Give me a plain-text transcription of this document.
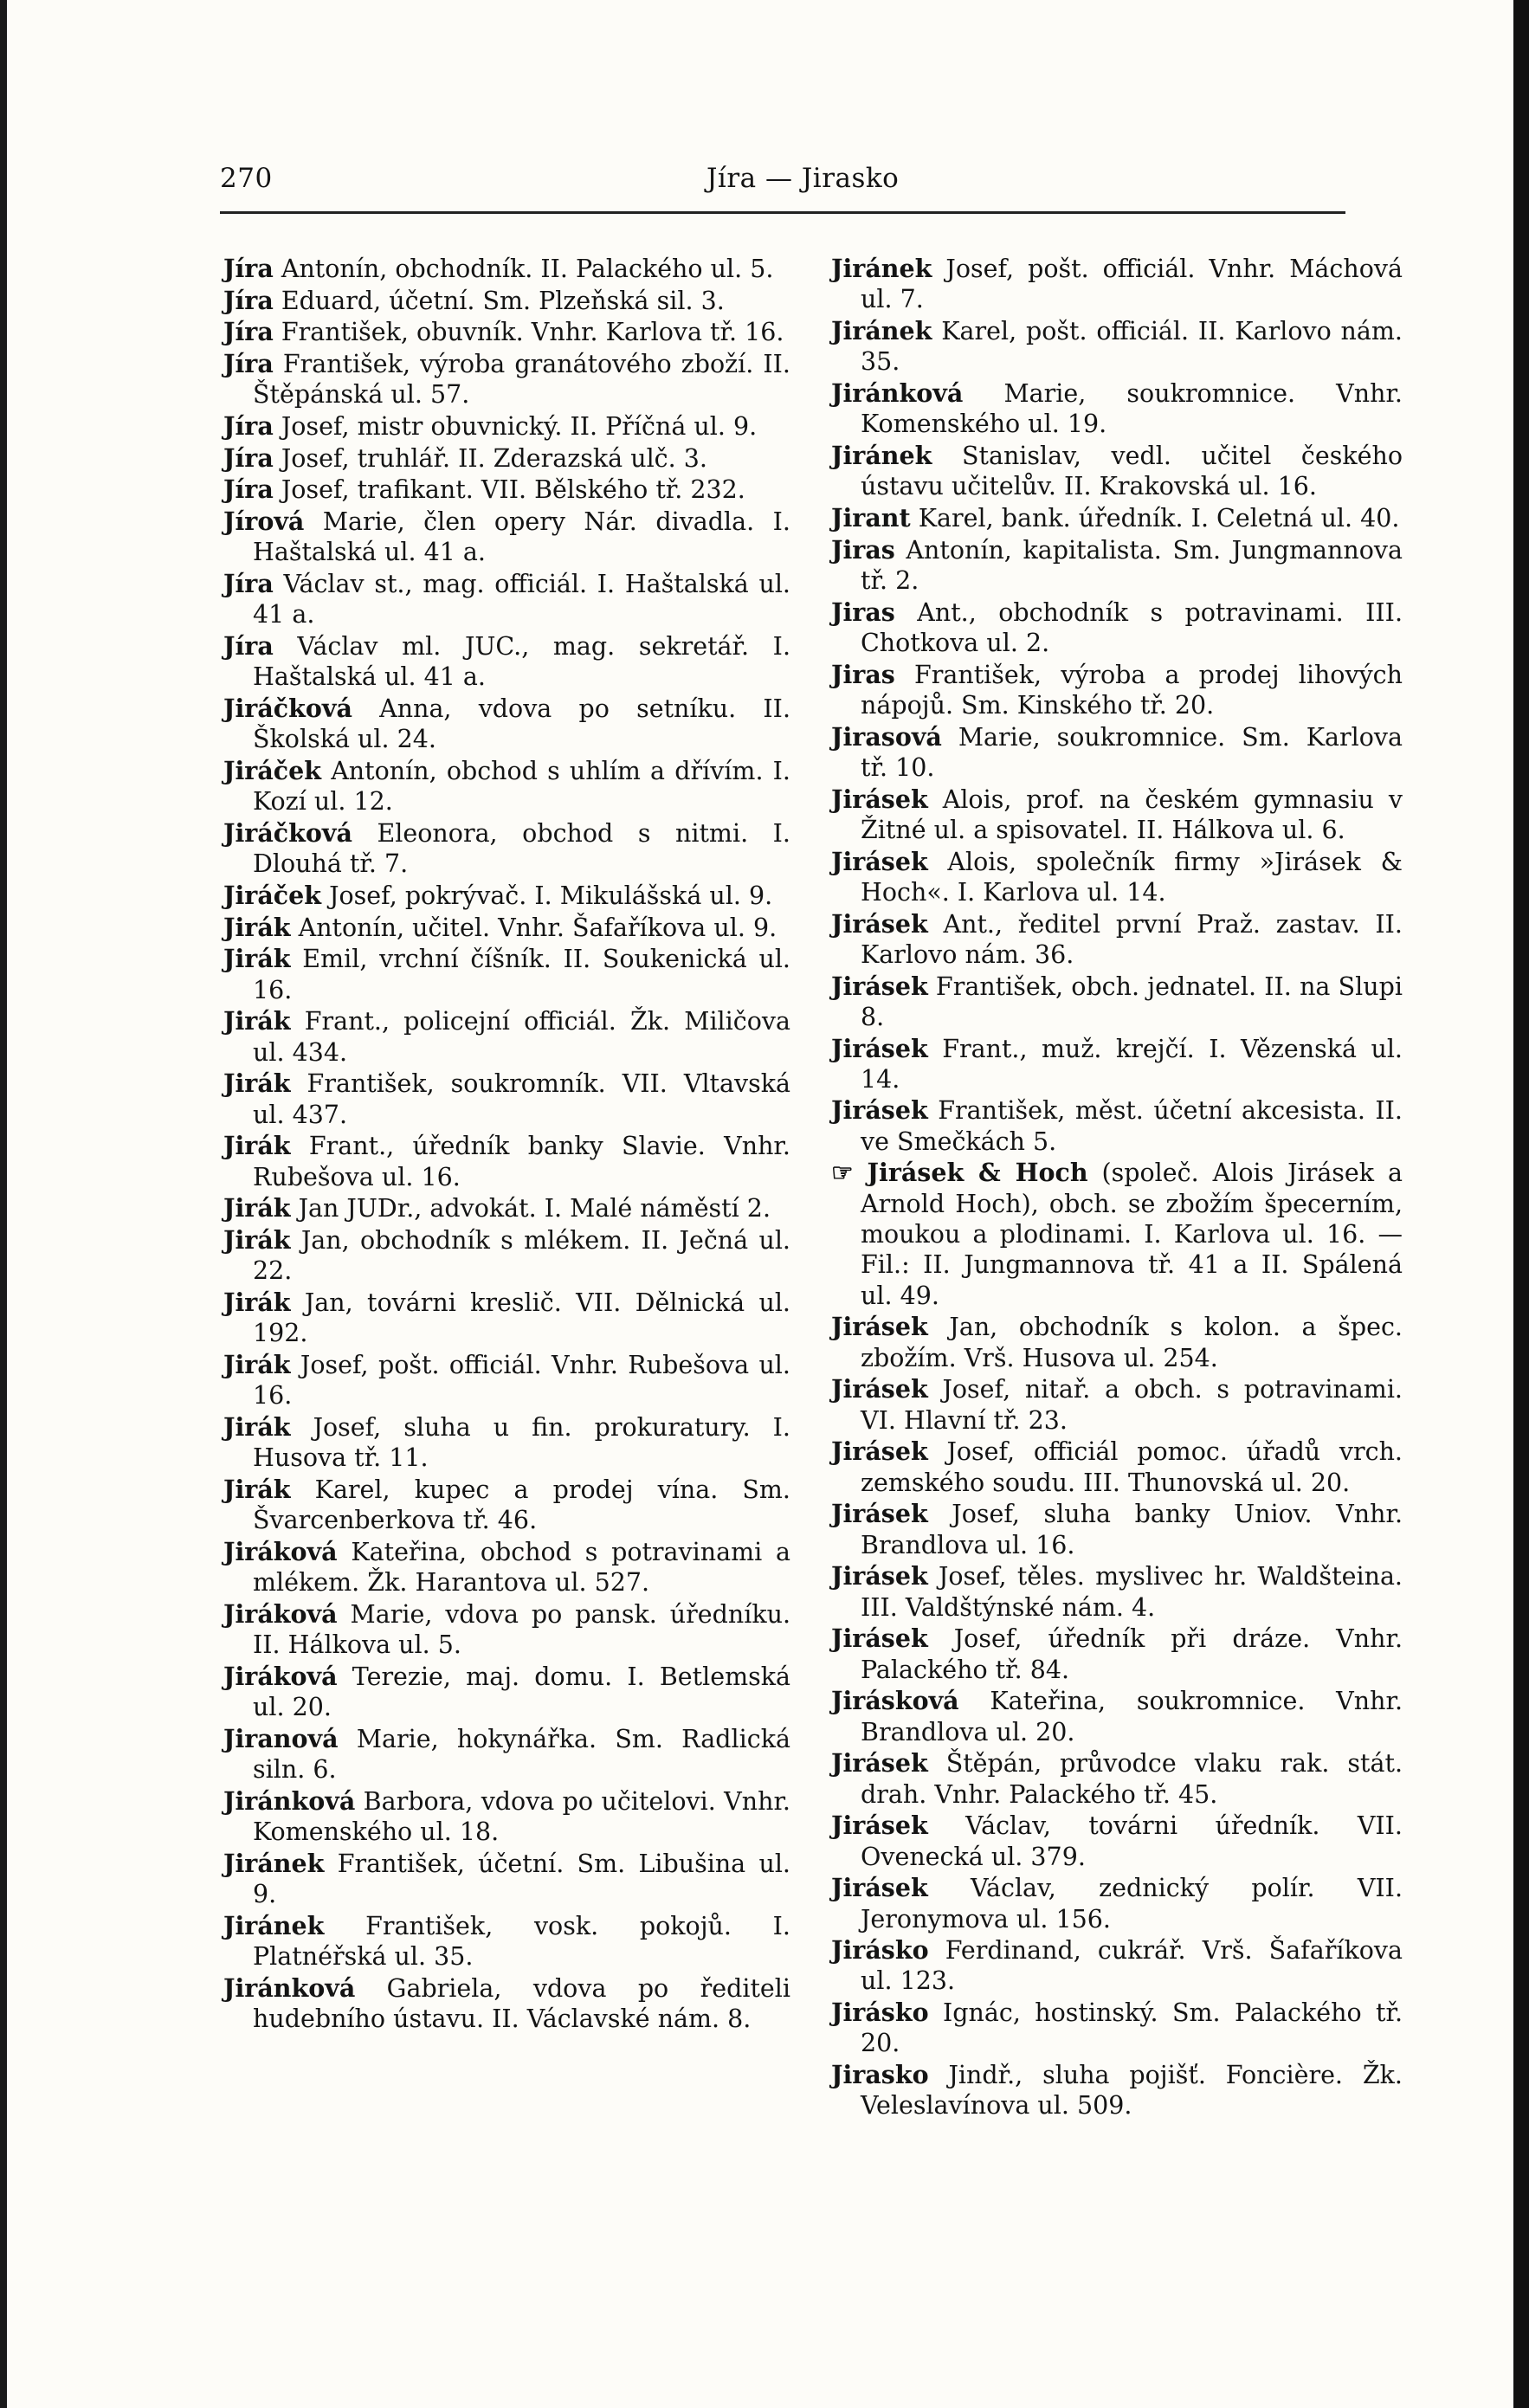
270	Jíra — Jirasko
Jíra Antonín, obchodník. II. Palackého ul. 5.
Jíra Eduard, účetní. Sm. Plzeňská sil. 3.
Jíra František, obuvník. Vnhr. Karlova tř. 16.
Jíra František, výroba granátového zboží. II. Štěpánská ul. 57.
Jíra Josef, mistr obuvnický. II. Příčná ul. 9.
Jíra Josef, truhlář. II. Zderazská ulč. 3.
Jíra Josef, trafikant. VII. Bělského tř. 232.
Jírová Marie, člen opery Nár. divadla. I. Haštalská ul. 41 a.
Jíra Václav st., mag. officiál. I. Haštalská ul. 41 a.
Jíra Václav ml. JUC., mag. sekretář. I. Haštalská ul. 41 a.
Jiráčková Anna, vdova po setníku. II. Školská ul. 24.
Jiráček Antonín, obchod s uhlím a dřívím. I. Kozí ul. 12.
Jiráčková Eleonora, obchod s nitmi. I. Dlouhá tř. 7.
Jiráček Josef, pokrývač. I. Mikulášská ul. 9.
Jirák Antonín, učitel. Vnhr. Šafaříkova ul. 9.
Jirák Emil, vrchní číšník. II. Soukenická ul. 16.
Jirák Frant., policejní officiál. Žk. Miličova ul. 434.
Jirák František, soukromník. VII. Vltavská ul. 437.
Jirák Frant., úředník banky Slavie. Vnhr. Rubešova ul. 16.
Jirák Jan JUDr., advokát. I. Malé náměstí 2.
Jirák Jan, obchodník s mlékem. II. Ječná ul. 22.
Jirák Jan, továrni kreslič. VII. Dělnická ul. 192.
Jirák Josef, pošt. officiál. Vnhr. Rubešova ul. 16.
Jirák Josef, sluha u fin. prokuratury. I. Husova tř. 11.
Jirák Karel, kupec a prodej vína. Sm. Švarcenberkova tř. 46.
Jiráková Kateřina, obchod s potravinami a mlékem. Žk. Harantova ul. 527.
Jiráková Marie, vdova po pansk. úředníku. II. Hálkova ul. 5.
Jiráková Terezie, maj. domu. I. Betlemská ul. 20.
Jiranová Marie, hokynářka. Sm. Radlická siln. 6.
Jiránková Barbora, vdova po učitelovi. Vnhr. Komenského ul. 18.
Jiránek František, účetní. Sm. Libušina ul. 9.
Jiránek František, vosk. pokojů. I. Platnéřská ul. 35.
Jiránková Gabriela, vdova po řediteli hudebního ústavu. II. Václavské nám. 8.
Jiránek Josef, pošt. officiál. Vnhr. Máchová ul. 7.
Jiránek Karel, pošt. officiál. II. Karlovo nám. 35.
Jiránková Marie, soukromnice. Vnhr. Komenského ul. 19.
Jiránek Stanislav, vedl. učitel českého ústavu učitelův. II. Krakovská ul. 16.
Jirant Karel, bank. úředník. I. Celetná ul. 40.
Jiras Antonín, kapitalista. Sm. Jungmannova tř. 2.
Jiras Ant., obchodník s potravinami. III. Chotkova ul. 2.
Jiras František, výroba a prodej lihových nápojů. Sm. Kinského tř. 20.
Jirasová Marie, soukromnice. Sm. Karlova tř. 10.
Jirásek Alois, prof. na českém gymnasiu v Žitné ul. a spisovatel. II. Hálkova ul. 6.
Jirásek Alois, společník firmy »Jirásek & Hoch«. I. Karlova ul. 14.
Jirásek Ant., ředitel první Praž. zastav. II. Karlovo nám. 36.
Jirásek František, obch. jednatel. II. na Slupi 8.
Jirásek Frant., muž. krejčí. I. Vězenská ul. 14.
Jirásek František, měst. účetní akcesista. II. ve Smečkách 5.
☞ Jirásek & Hoch (společ. Alois Jirásek a Arnold Hoch), obch. se zbožím špecerním, moukou a plodinami. I. Karlova ul. 16. — Fil.: II. Jungmannova tř. 41 a II. Spálená ul. 49.
Jirásek Jan, obchodník s kolon. a špec. zbožím. Vrš. Husova ul. 254.
Jirásek Josef, nitař. a obch. s potravinami. VI. Hlavní tř. 23.
Jirásek Josef, officiál pomoc. úřadů vrch. zemského soudu. III. Thunovská ul. 20.
Jirásek Josef, sluha banky Uniov. Vnhr. Brandlova ul. 16.
Jirásek Josef, těles. myslivec hr. Waldšteina. III. Valdštýnské nám. 4.
Jirásek Josef, úředník při dráze. Vnhr. Palackého tř. 84.
Jirásková Kateřina, soukromnice. Vnhr. Brandlova ul. 20.
Jirásek Štěpán, průvodce vlaku rak. stát. drah. Vnhr. Palackého tř. 45.
Jirásek Václav, továrni úředník. VII. Ovenecká ul. 379.
Jirásek Václav, zednický polír. VII. Jeronymova ul. 156.
Jirásko Ferdinand, cukrář. Vrš. Šafaříkova ul. 123.
Jirásko Ignác, hostinský. Sm. Palackého tř. 20.
Jirasko Jindř., sluha pojišť. Foncière. Žk. Veleslavínova ul. 509.
